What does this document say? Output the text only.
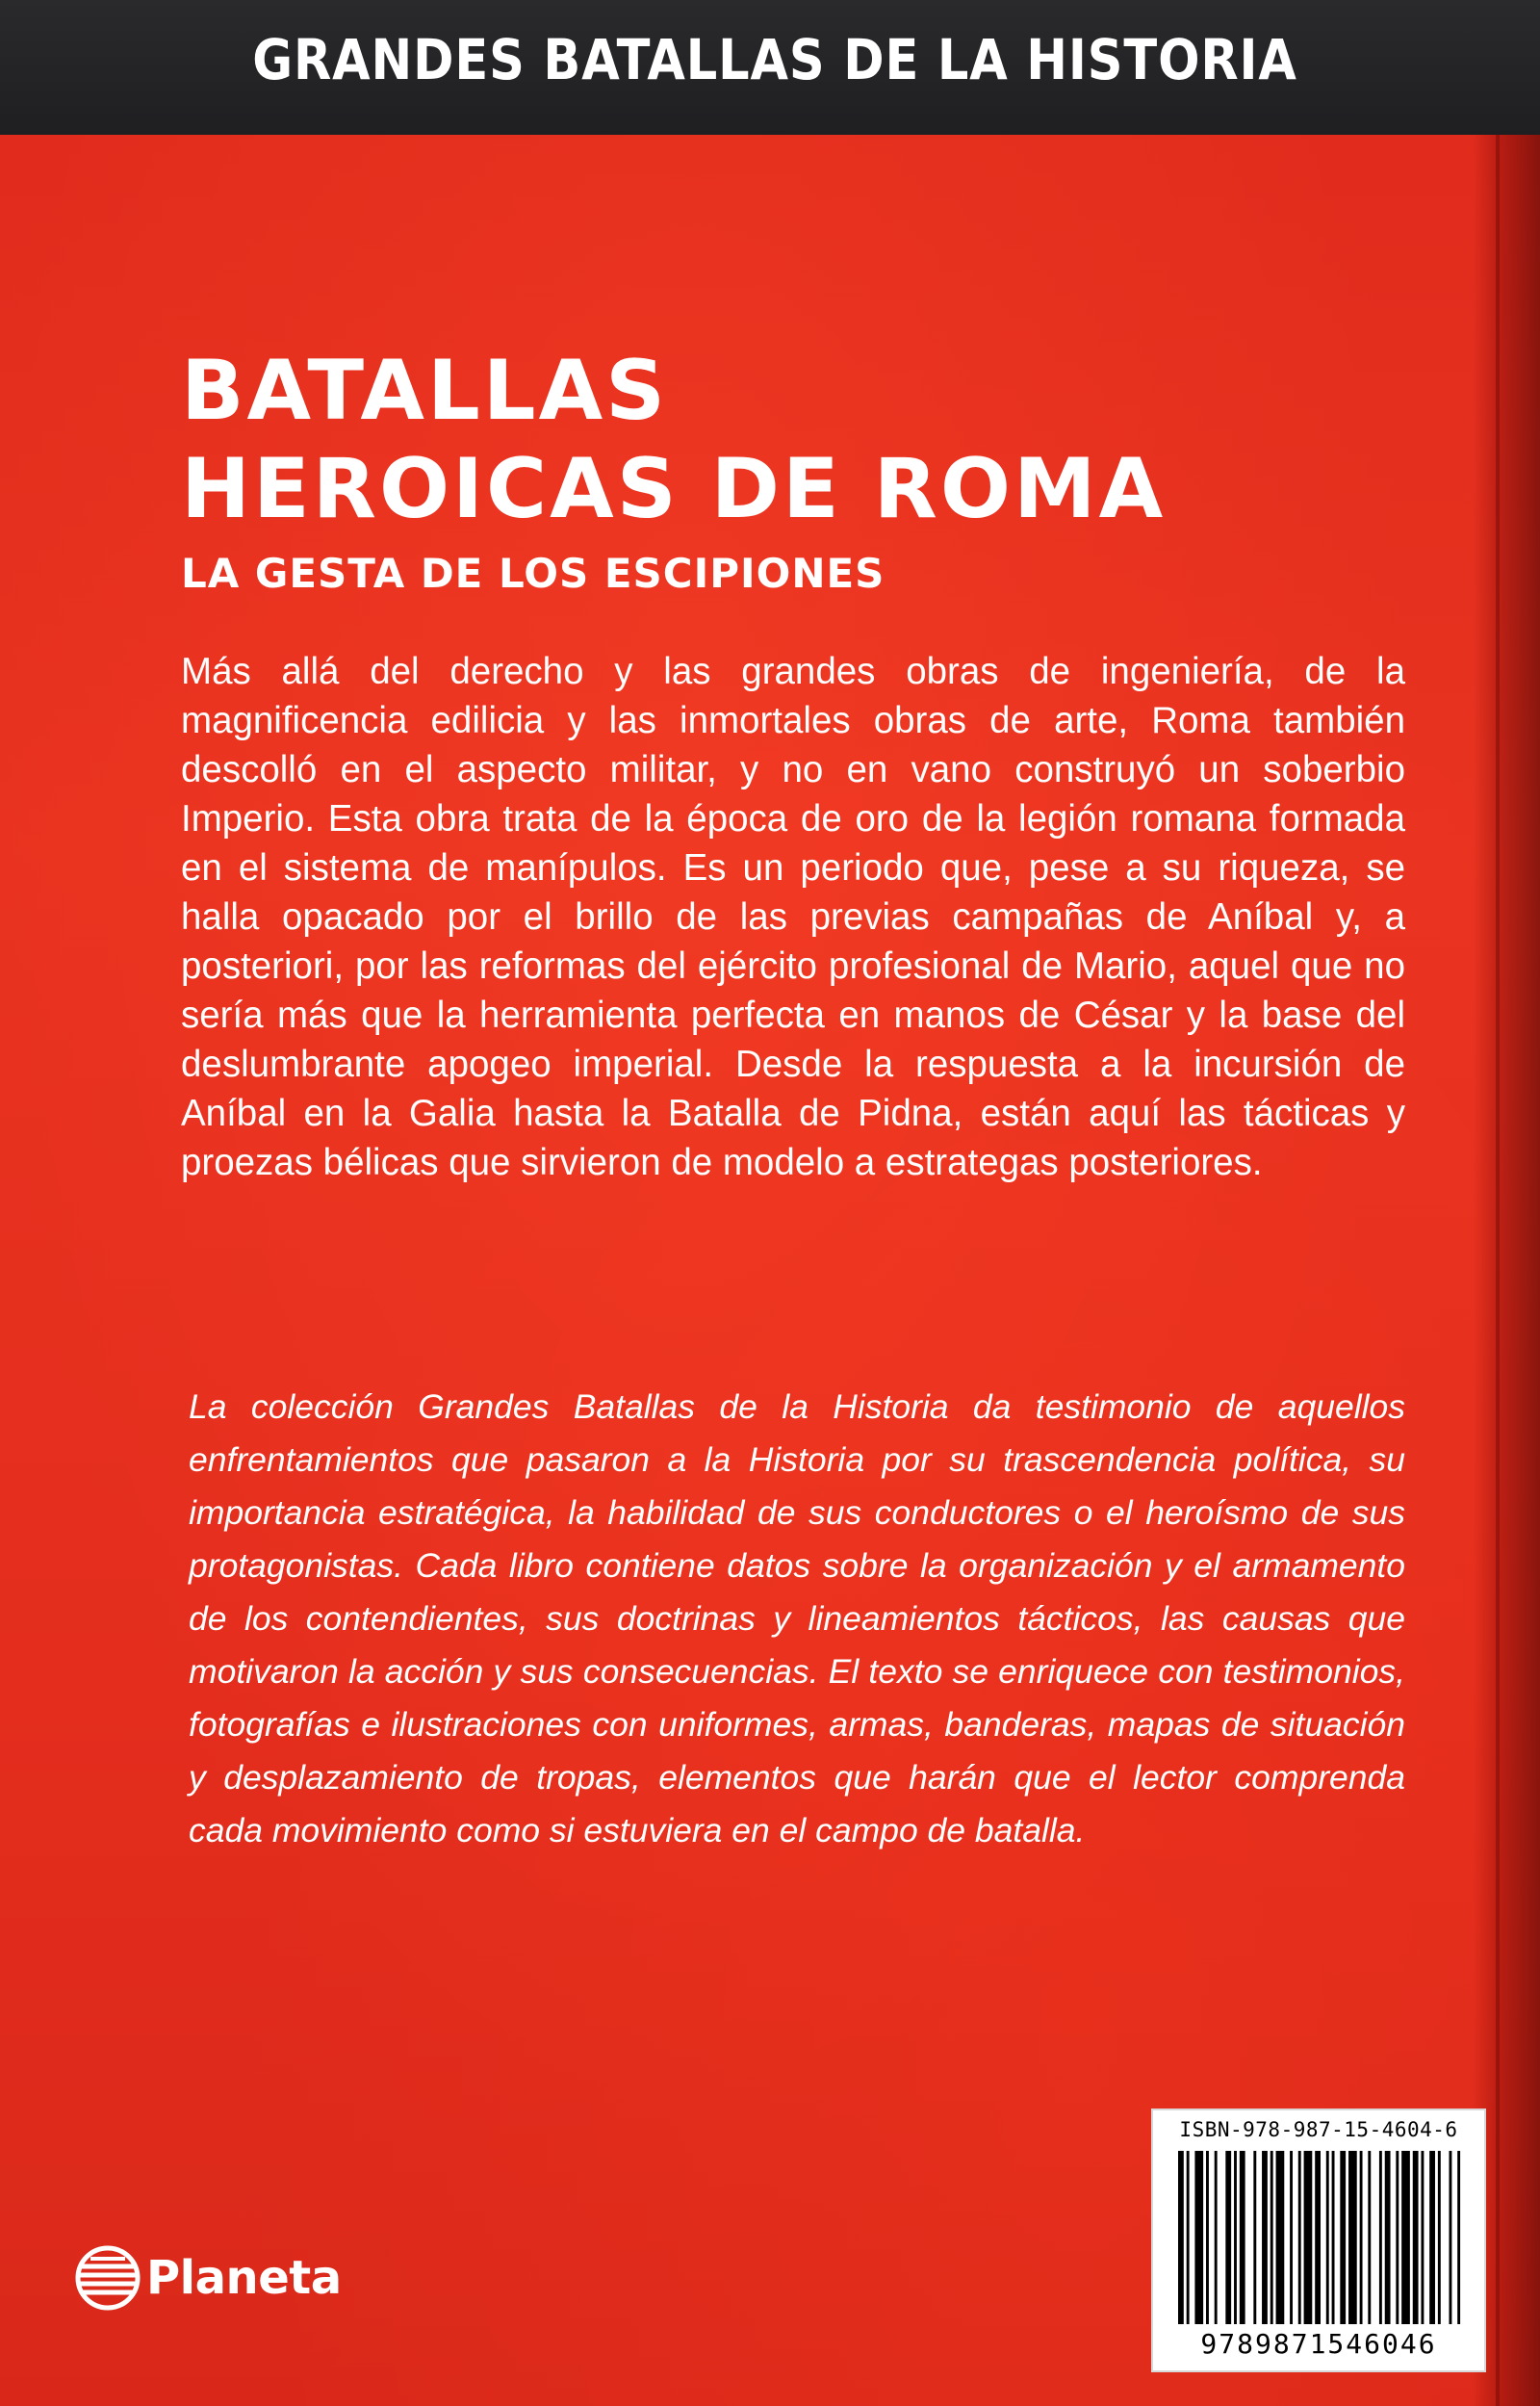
GRANDES BATALLAS DE LA HISTORIA
BATALLAS
HEROICAS DE ROMA
LA GESTA DE LOS ESCIPIONES

Más allá del derecho y las grandes obras de ingeniería, de la magnificencia edilicia y las inmortales obras de arte, Roma también descolló en el aspecto militar, y no en vano construyó un soberbio Imperio. Esta obra trata de la época de oro de la legión romana formada en el sistema de manípulos. Es un periodo que, pese a su riqueza, se halla opacado por el brillo de las previas campañas de Aníbal y, a posteriori, por las reformas del ejército profesional de Mario, aquel que no sería más que la herramienta perfecta en manos de César y la base del deslumbrante apogeo imperial. Desde la respuesta a la incursión de Aníbal en la Galia hasta la Batalla de Pidna, están aquí las tácticas y proezas bélicas que sirvieron de modelo a estrategas posteriores.

La colección Grandes Batallas de la Historia da testimonio de aquellos enfrentamientos que pasaron a la Historia por su trascendencia política, su importancia estratégica, la habilidad de sus conductores o el heroísmo de sus protagonistas. Cada libro contiene datos sobre la organización y el armamento de los contendientes, sus doctrinas y lineamientos tácticos, las causas que motivaron la acción y sus consecuencias. El texto se enriquece con testimonios, fotografías e ilustraciones con uniformes, armas, banderas, mapas de situación y desplazamiento de tropas, elementos que harán que el lector comprenda cada movimiento como si estuviera en el campo de batalla.

Planeta
ISBN-978-987-15-4604-6
9789871546046
